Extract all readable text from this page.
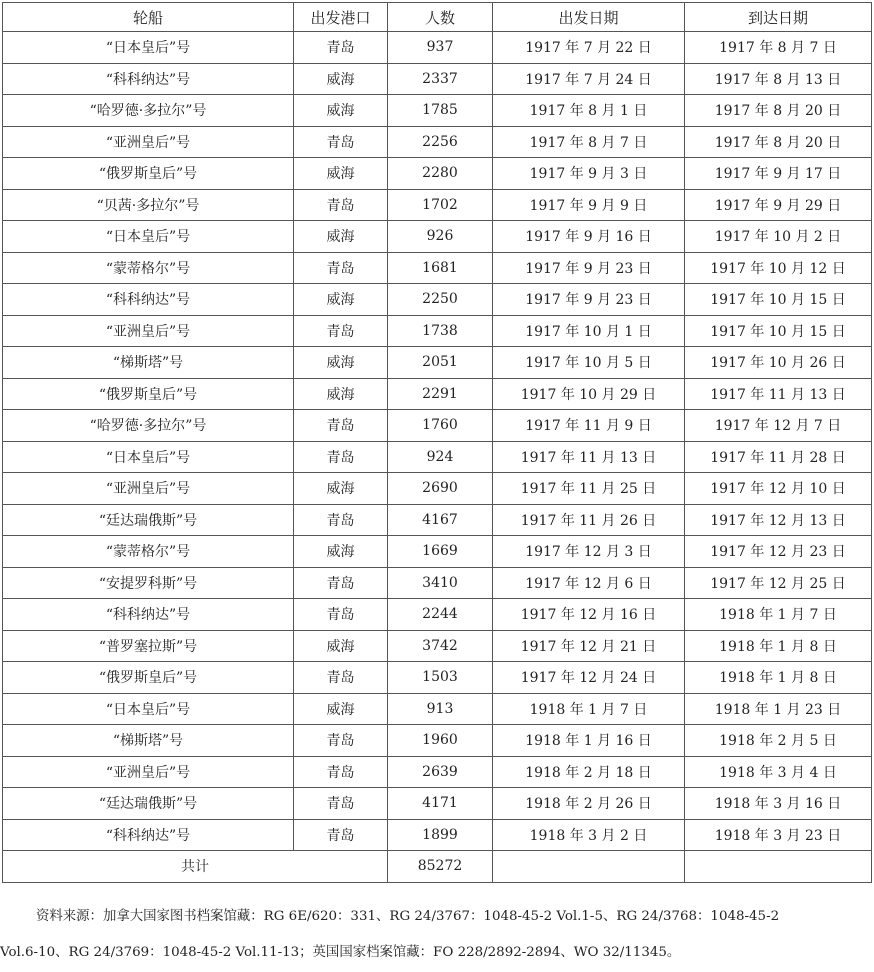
轮船	出发港口	人数	出发日期	到达日期
“日本皇后”号	青岛	937	1917 年 7 月 22 日	1917 年 8 月 7 日
“科科纳达”号	威海	2337	1917 年 7 月 24 日	1917 年 8 月 13 日
“哈罗德·多拉尔”号	威海	1785	1917 年 8 月 1 日	1917 年 8 月 20 日
“亚洲皇后”号	青岛	2256	1917 年 8 月 7 日	1917 年 8 月 20 日
“俄罗斯皇后”号	威海	2280	1917 年 9 月 3 日	1917 年 9 月 17 日
“贝茜·多拉尔”号	青岛	1702	1917 年 9 月 9 日	1917 年 9 月 29 日
“日本皇后”号	威海	926	1917 年 9 月 16 日	1917 年 10 月 2 日
“蒙蒂格尔”号	青岛	1681	1917 年 9 月 23 日	1917 年 10 月 12 日
“科科纳达”号	威海	2250	1917 年 9 月 23 日	1917 年 10 月 15 日
“亚洲皇后”号	青岛	1738	1917 年 10 月 1 日	1917 年 10 月 15 日
“梯斯塔”号	威海	2051	1917 年 10 月 5 日	1917 年 10 月 26 日
“俄罗斯皇后”号	威海	2291	1917 年 10 月 29 日	1917 年 11 月 13 日
“哈罗德·多拉尔”号	青岛	1760	1917 年 11 月 9 日	1917 年 12 月 7 日
“日本皇后”号	青岛	924	1917 年 11 月 13 日	1917 年 11 月 28 日
“亚洲皇后”号	威海	2690	1917 年 11 月 25 日	1917 年 12 月 10 日
“廷达瑞俄斯”号	青岛	4167	1917 年 11 月 26 日	1917 年 12 月 13 日
“蒙蒂格尔”号	威海	1669	1917 年 12 月 3 日	1917 年 12 月 23 日
“安提罗科斯”号	青岛	3410	1917 年 12 月 6 日	1917 年 12 月 25 日
“科科纳达”号	青岛	2244	1917 年 12 月 16 日	1918 年 1 月 7 日
“普罗塞拉斯”号	威海	3742	1917 年 12 月 21 日	1918 年 1 月 8 日
“俄罗斯皇后”号	青岛	1503	1917 年 12 月 24 日	1918 年 1 月 8 日
“日本皇后”号	威海	913	1918 年 1 月 7 日	1918 年 1 月 23 日
“梯斯塔”号	青岛	1960	1918 年 1 月 16 日	1918 年 2 月 5 日
“亚洲皇后”号	青岛	2639	1918 年 2 月 18 日	1918 年 3 月 4 日
“廷达瑞俄斯”号	青岛	4171	1918 年 2 月 26 日	1918 年 3 月 16 日
“科科纳达”号	青岛	1899	1918 年 3 月 2 日	1918 年 3 月 23 日
共计		85272		
资料来源：加拿大国家图书档案馆藏：RG 6E/620：331、RG 24/3767：1048-45-2 Vol.1-5、RG 24/3768：1048-45-2
Vol.6-10、RG 24/3769：1048-45-2 Vol.11-13；英国国家档案馆藏：FO 228/2892-2894、WO 32/11345。
